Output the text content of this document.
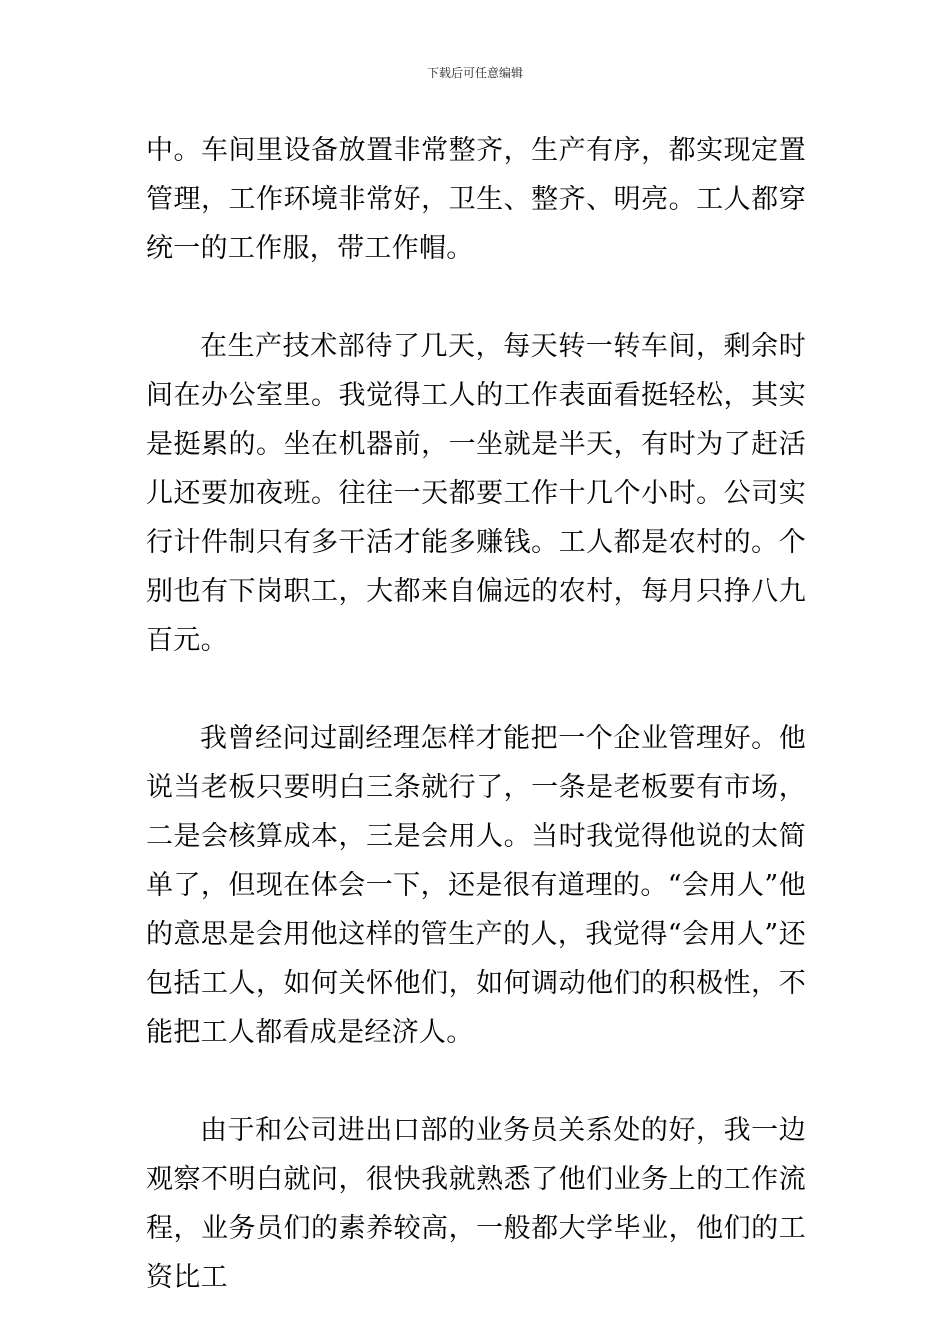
下载后可任意编辑

中。车间里设备放置非常整齐，生产有序，都实现定置管理，工作环境非常好，卫生、整齐、明亮。工人都穿统一的工作服，带工作帽。

在生产技术部待了几天，每天转一转车间，剩余时间在办公室里。我觉得工人的工作表面看挺轻松，其实是挺累的。坐在机器前，一坐就是半天，有时为了赶活儿还要加夜班。往往一天都要工作十几个小时。公司实行计件制只有多干活才能多赚钱。工人都是农村的。个别也有下岗职工，大都来自偏远的农村，每月只挣八九百元。

我曾经问过副经理怎样才能把一个企业管理好。他说当老板只要明白三条就行了，一条是老板要有市场，二是会核算成本，三是会用人。当时我觉得他说的太简单了，但现在体会一下，还是很有道理的。“会用人”他的意思是会用他这样的管生产的人，我觉得“会用人”还包括工人，如何关怀他们，如何调动他们的积极性，不能把工人都看成是经济人。

由于和公司进出口部的业务员关系处的好，我一边观察不明白就问，很快我就熟悉了他们业务上的工作流程，业务员们的素养较高，一般都大学毕业，他们的工资比工
